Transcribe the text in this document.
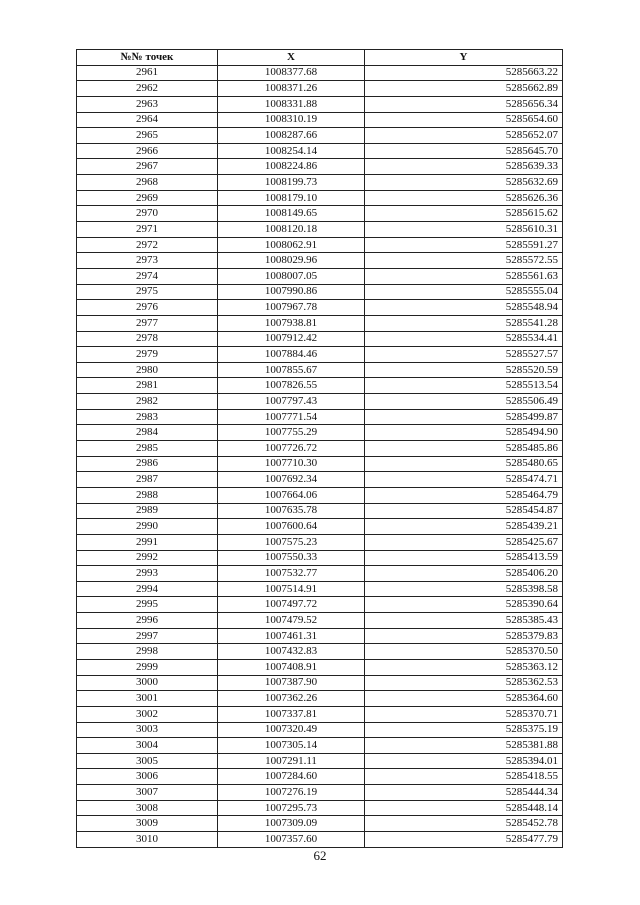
№№ точек	X	Y
2961	1008377.68	5285663.22
2962	1008371.26	5285662.89
2963	1008331.88	5285656.34
2964	1008310.19	5285654.60
2965	1008287.66	5285652.07
2966	1008254.14	5285645.70
2967	1008224.86	5285639.33
2968	1008199.73	5285632.69
2969	1008179.10	5285626.36
2970	1008149.65	5285615.62
2971	1008120.18	5285610.31
2972	1008062.91	5285591.27
2973	1008029.96	5285572.55
2974	1008007.05	5285561.63
2975	1007990.86	5285555.04
2976	1007967.78	5285548.94
2977	1007938.81	5285541.28
2978	1007912.42	5285534.41
2979	1007884.46	5285527.57
2980	1007855.67	5285520.59
2981	1007826.55	5285513.54
2982	1007797.43	5285506.49
2983	1007771.54	5285499.87
2984	1007755.29	5285494.90
2985	1007726.72	5285485.86
2986	1007710.30	5285480.65
2987	1007692.34	5285474.71
2988	1007664.06	5285464.79
2989	1007635.78	5285454.87
2990	1007600.64	5285439.21
2991	1007575.23	5285425.67
2992	1007550.33	5285413.59
2993	1007532.77	5285406.20
2994	1007514.91	5285398.58
2995	1007497.72	5285390.64
2996	1007479.52	5285385.43
2997	1007461.31	5285379.83
2998	1007432.83	5285370.50
2999	1007408.91	5285363.12
3000	1007387.90	5285362.53
3001	1007362.26	5285364.60
3002	1007337.81	5285370.71
3003	1007320.49	5285375.19
3004	1007305.14	5285381.88
3005	1007291.11	5285394.01
3006	1007284.60	5285418.55
3007	1007276.19	5285444.34
3008	1007295.73	5285448.14
3009	1007309.09	5285452.78
3010	1007357.60	5285477.79
62
